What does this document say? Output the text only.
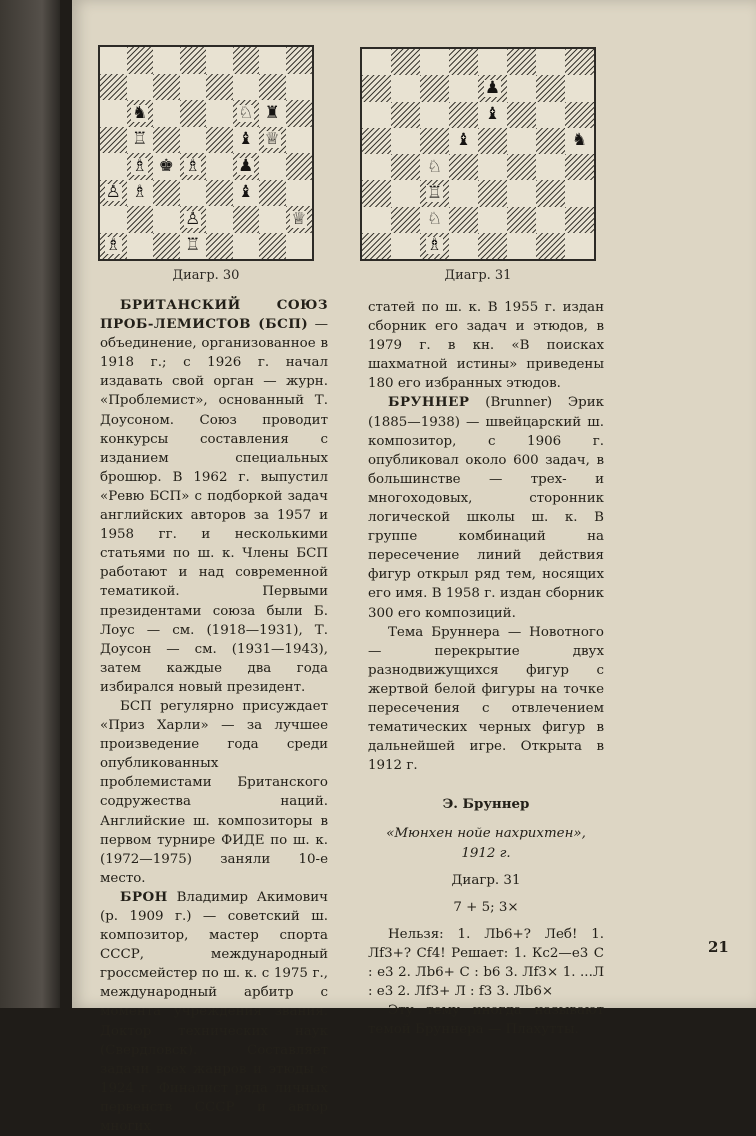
♞	♘ ♜
♖	♝ ♕
♗ ♚ ♗ ♟
♙ ♗	♝
♙	♕
♗	♖
Диагр. 30
♟
♝
♝	♞
♘
♖
♘
♗
Диагр. 31

БРИТАНСКИЙ СОЮЗ ПРОБ-ЛЕМИСТОВ (БСП) — объединение, организованное в 1918 г.; с 1926 г. начал издавать свой орган — журн. «Проблемист», основанный Т. Доусоном. Союз проводит конкурсы составления с изданием специальных брошюр. В 1962 г. выпустил «Ревю БСП» с подборкой задач английских авторов за 1957 и 1958 гг. и несколькими статьями по ш. к. Члены БСП работают и над современной тематикой. Первыми президентами союза были Б. Лоус — см. (1918—1931), Т. Доусон — см. (1931—1943), затем каждые два года избирался новый президент.

БСП регулярно присуждает «Приз Харли» — за лучшее произведение года среди опубликованных проблемистами Британского содружества наций. Английские ш. композиторы в первом турнире ФИДЕ по ш. к. (1972—1975) заняли 10-е место.

БРОН Владимир Акимович (р. 1909 г.) — советский ш. композитор, мастер спорта СССР, международный гроссмейстер по ш. к. с 1975 г., международный арбитр с момента учреждения звания. Доктор технических наук (Свердловск). Составляет задачи всех жанров и этюды с 1924 г. Финалист ряда личных первенств СССР и автор многих

статей по ш. к. В 1955 г. издан сборник его задач и этюдов, в 1979 г. в кн. «В поисках шахматной истины» приведены 180 его избранных этюдов.

БРУННЕР (Brunner) Эрик (1885—1938) — швейцарский ш. композитор, с 1906 г. опубликовал около 600 задач, в большинстве — трех- и многоходовых, сторонник логической школы ш. к. В группе комбинаций на пересечение линий действия фигур открыл ряд тем, носящих его имя. В 1958 г. издан сборник 300 его композиций.

Тема Бруннера — Новотного — перекрытие двух разнодвижущихся фигур с жертвой белой фигуры на точке пересечения с отвлечением тематических черных фигур в дальнейшей игре. Открыта в 1912 г.

Э. Бруннер

«Мюнхен нойе нахрихтен»,

1912 г.

Диагр. 31

7 + 5; 3×

Нельзя: 1. Лb6+? Леб! 1. Лf3+? Cf4! Решает: 1. Кc2—e3 С : e3 2. Лb6+ С : b6 3. Лf3× 1. ...Л : e3 2. Лf3+ Л : f3 3. Лb6×

Эту тему иногда называют темой Бруннера — Плахутты.

21
